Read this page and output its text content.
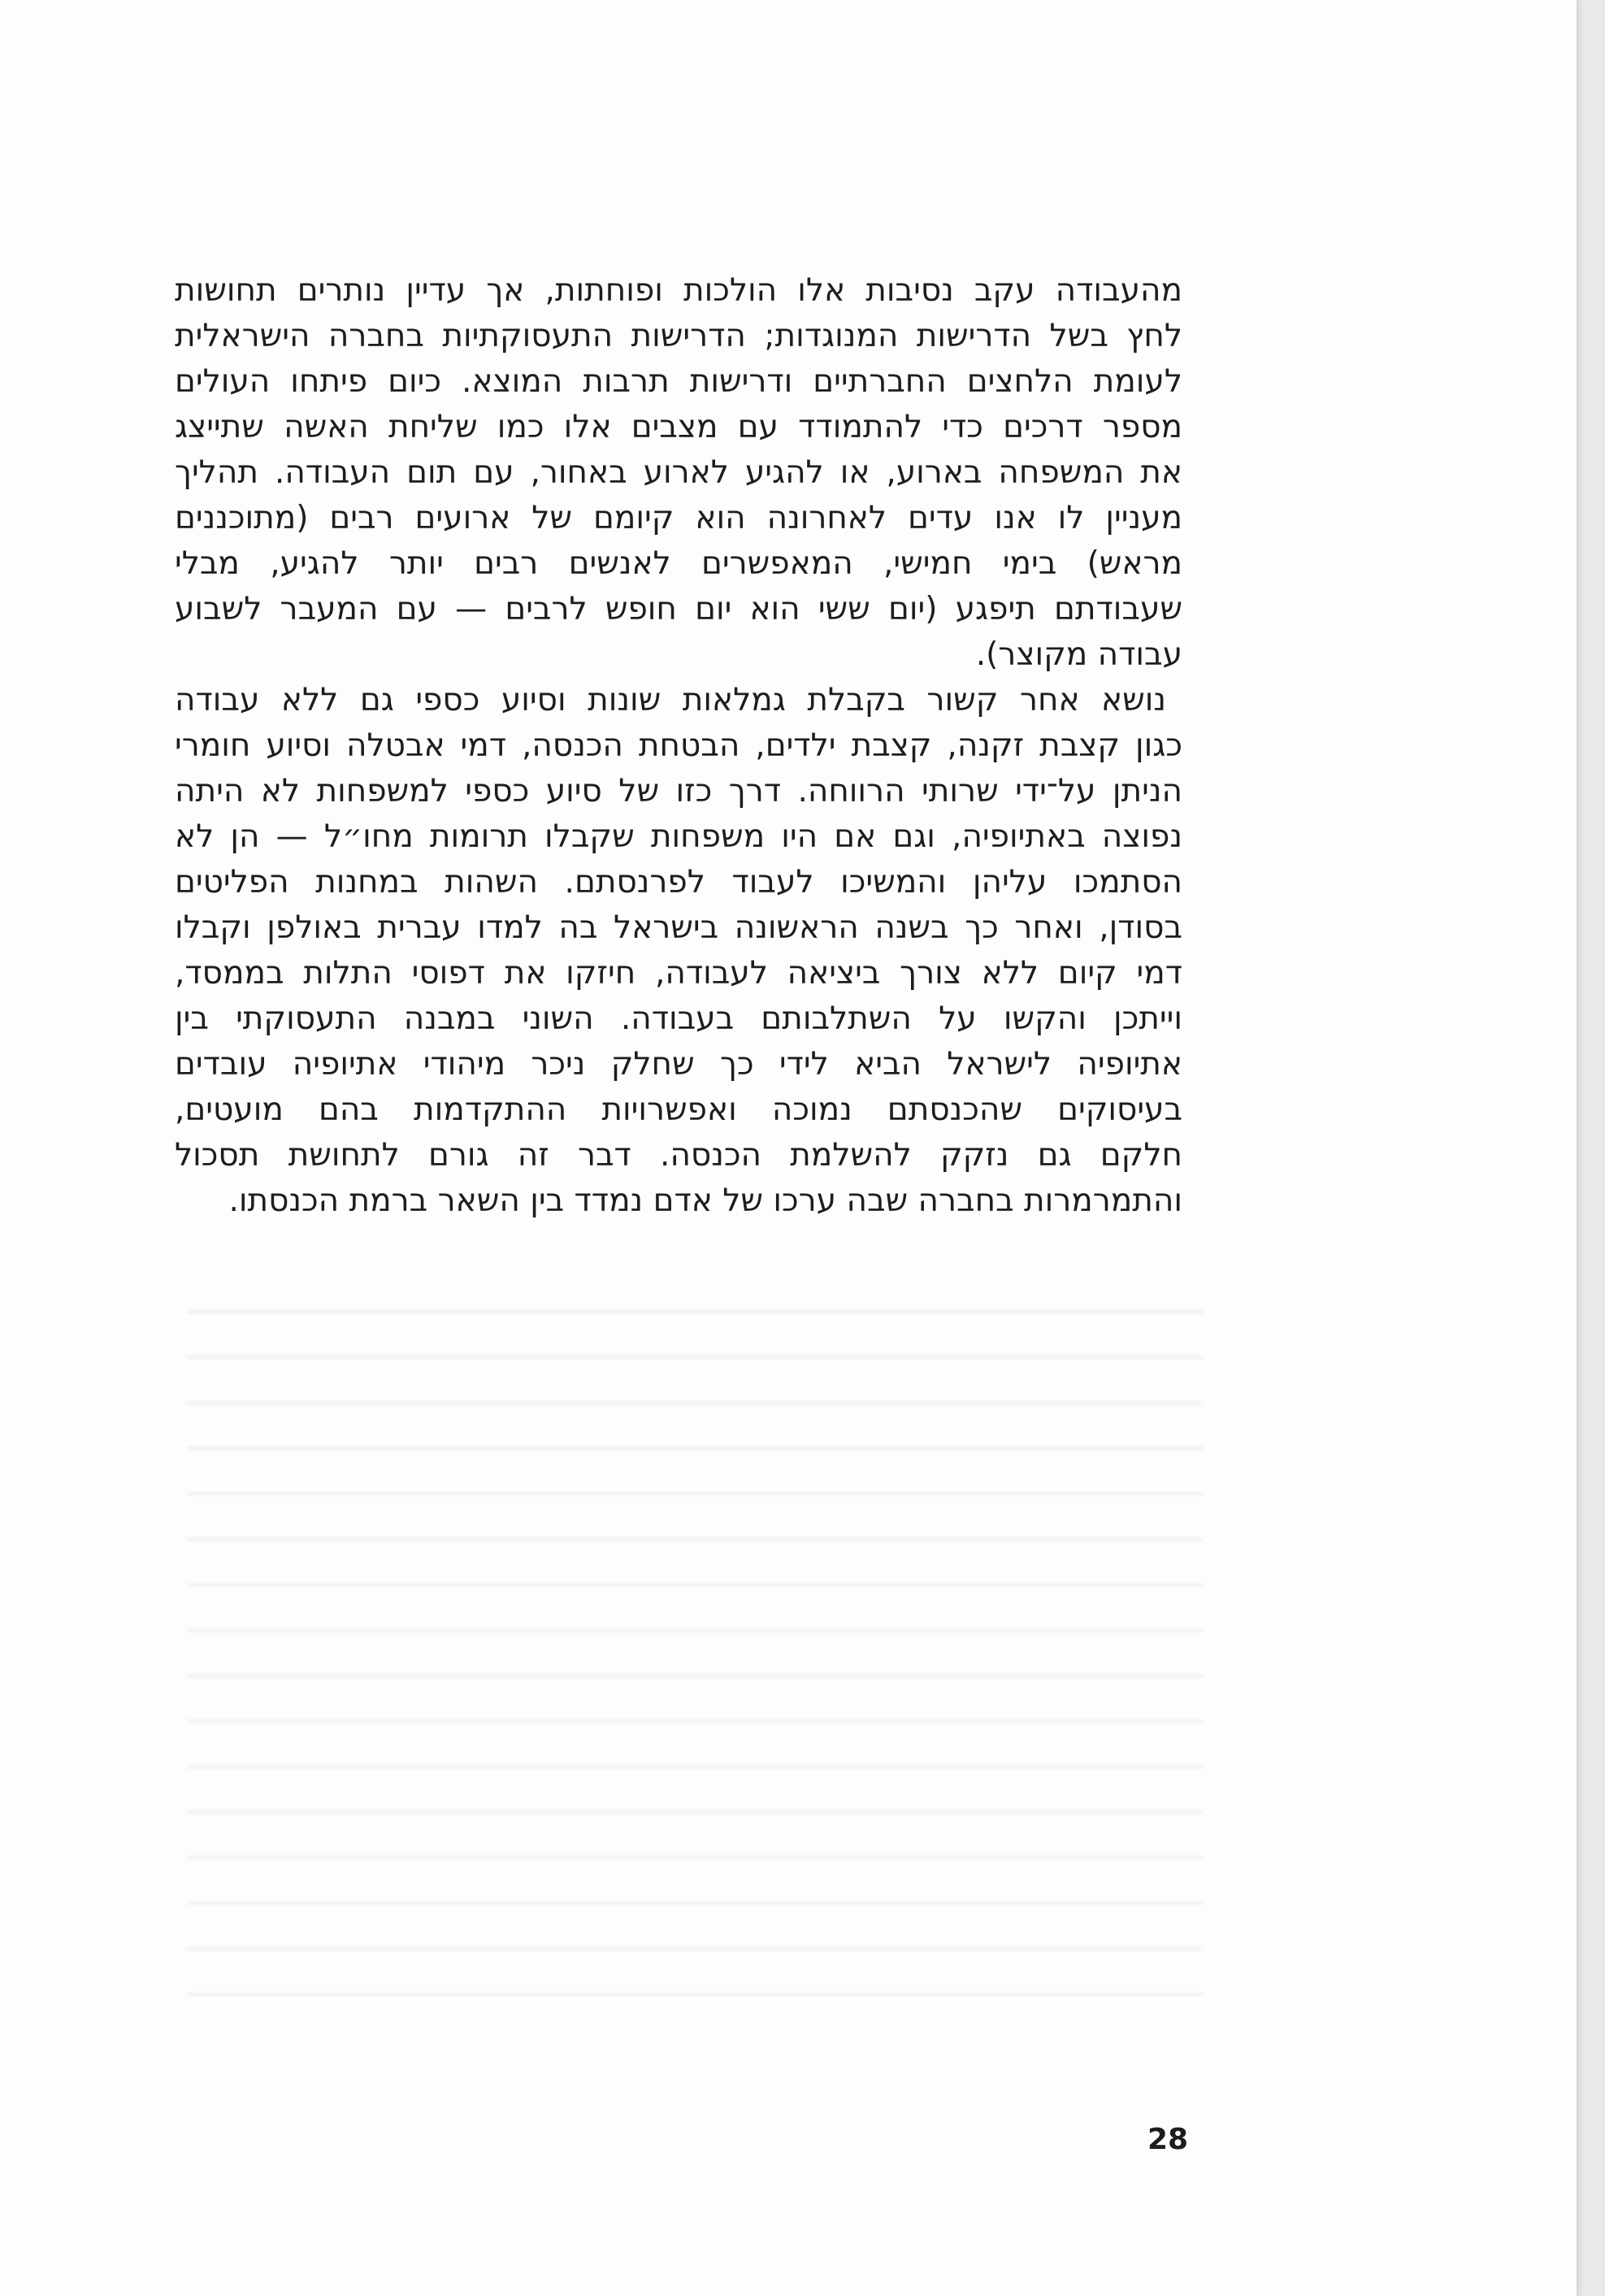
מהעבודה עקב נסיבות אלו הולכות ופוחתות, אך עדיין נותרים תחושות
לחץ בשל הדרישות המנוגדות; הדרישות התעסוקתיות בחברה הישראלית
לעומת הלחצים החברתיים ודרישות תרבות המוצא. כיום פיתחו העולים
מספר דרכים כדי להתמודד עם מצבים אלו כמו שליחת האשה שתייצג
את המשפחה בארוע, או להגיע לארוע באחור, עם תום העבודה. תהליך
מעניין לו אנו עדים לאחרונה הוא קיומם של ארועים רבים (מתוכננים
מראש) בימי חמישי, המאפשרים לאנשים רבים יותר להגיע, מבלי
שעבודתם תיפגע (יום ששי הוא יום חופש לרבים — עם המעבר לשבוע
עבודה מקוצר).
נושא אחר קשור בקבלת גמלאות שונות וסיוע כספי גם ללא עבודה
כגון קצבת זקנה, קצבת ילדים, הבטחת הכנסה, דמי אבטלה וסיוע חומרי
הניתן על־ידי שרותי הרווחה. דרך כזו של סיוע כספי למשפחות לא היתה
נפוצה באתיופיה, וגם אם היו משפחות שקבלו תרומות מחו״ל — הן לא
הסתמכו עליהן והמשיכו לעבוד לפרנסתם. השהות במחנות הפליטים
בסודן, ואחר כך בשנה הראשונה בישראל בה למדו עברית באולפן וקבלו
דמי קיום ללא צורך ביציאה לעבודה, חיזקו את דפוסי התלות בממסד,
וייתכן והקשו על השתלבותם בעבודה. השוני במבנה התעסוקתי בין
אתיופיה לישראל הביא לידי כך שחלק ניכר מיהודי אתיופיה עובדים
בעיסוקים שהכנסתם נמוכה ואפשרויות ההתקדמות בהם מועטים,
חלקם גם נזקק להשלמת הכנסה. דבר זה גורם לתחושת תסכול
והתמרמרות בחברה שבה ערכו של אדם נמדד בין השאר ברמת הכנסתו.
28
